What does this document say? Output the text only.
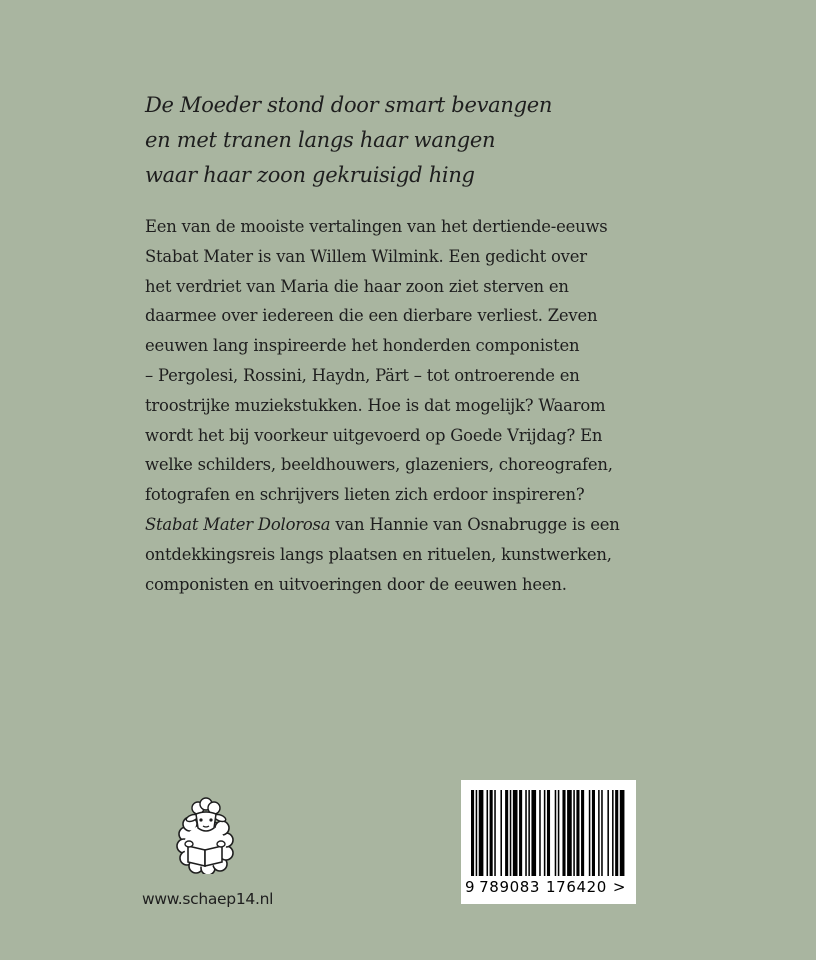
De Moeder stond door smart bevangen
en met tranen langs haar wangen
waar haar zoon gekruisigd hing
Een van de mooiste vertalingen van het dertiende-eeuws
Stabat Mater is van Willem Wilmink. Een gedicht over
het verdriet van Maria die haar zoon ziet sterven en
daarmee over iedereen die een dierbare verliest. Zeven
eeuwen lang inspireerde het honderden componisten
– Pergolesi, Rossini, Haydn, Pärt – tot ontroerende en
troostrijke muziekstukken. Hoe is dat mogelijk? Waarom
wordt het bij voorkeur uitgevoerd op Goede Vrijdag? En
welke schilders, beeldhouwers, glazeniers, choreografen,
fotografen en schrijvers lieten zich erdoor inspireren?
Stabat Mater Dolorosa van Hannie van Osnabrugge is een
ontdekkingsreis langs plaatsen en rituelen, kunstwerken,
componisten en uitvoeringen door de eeuwen heen.
www.schaep14.nl
9 789083 176420 >
